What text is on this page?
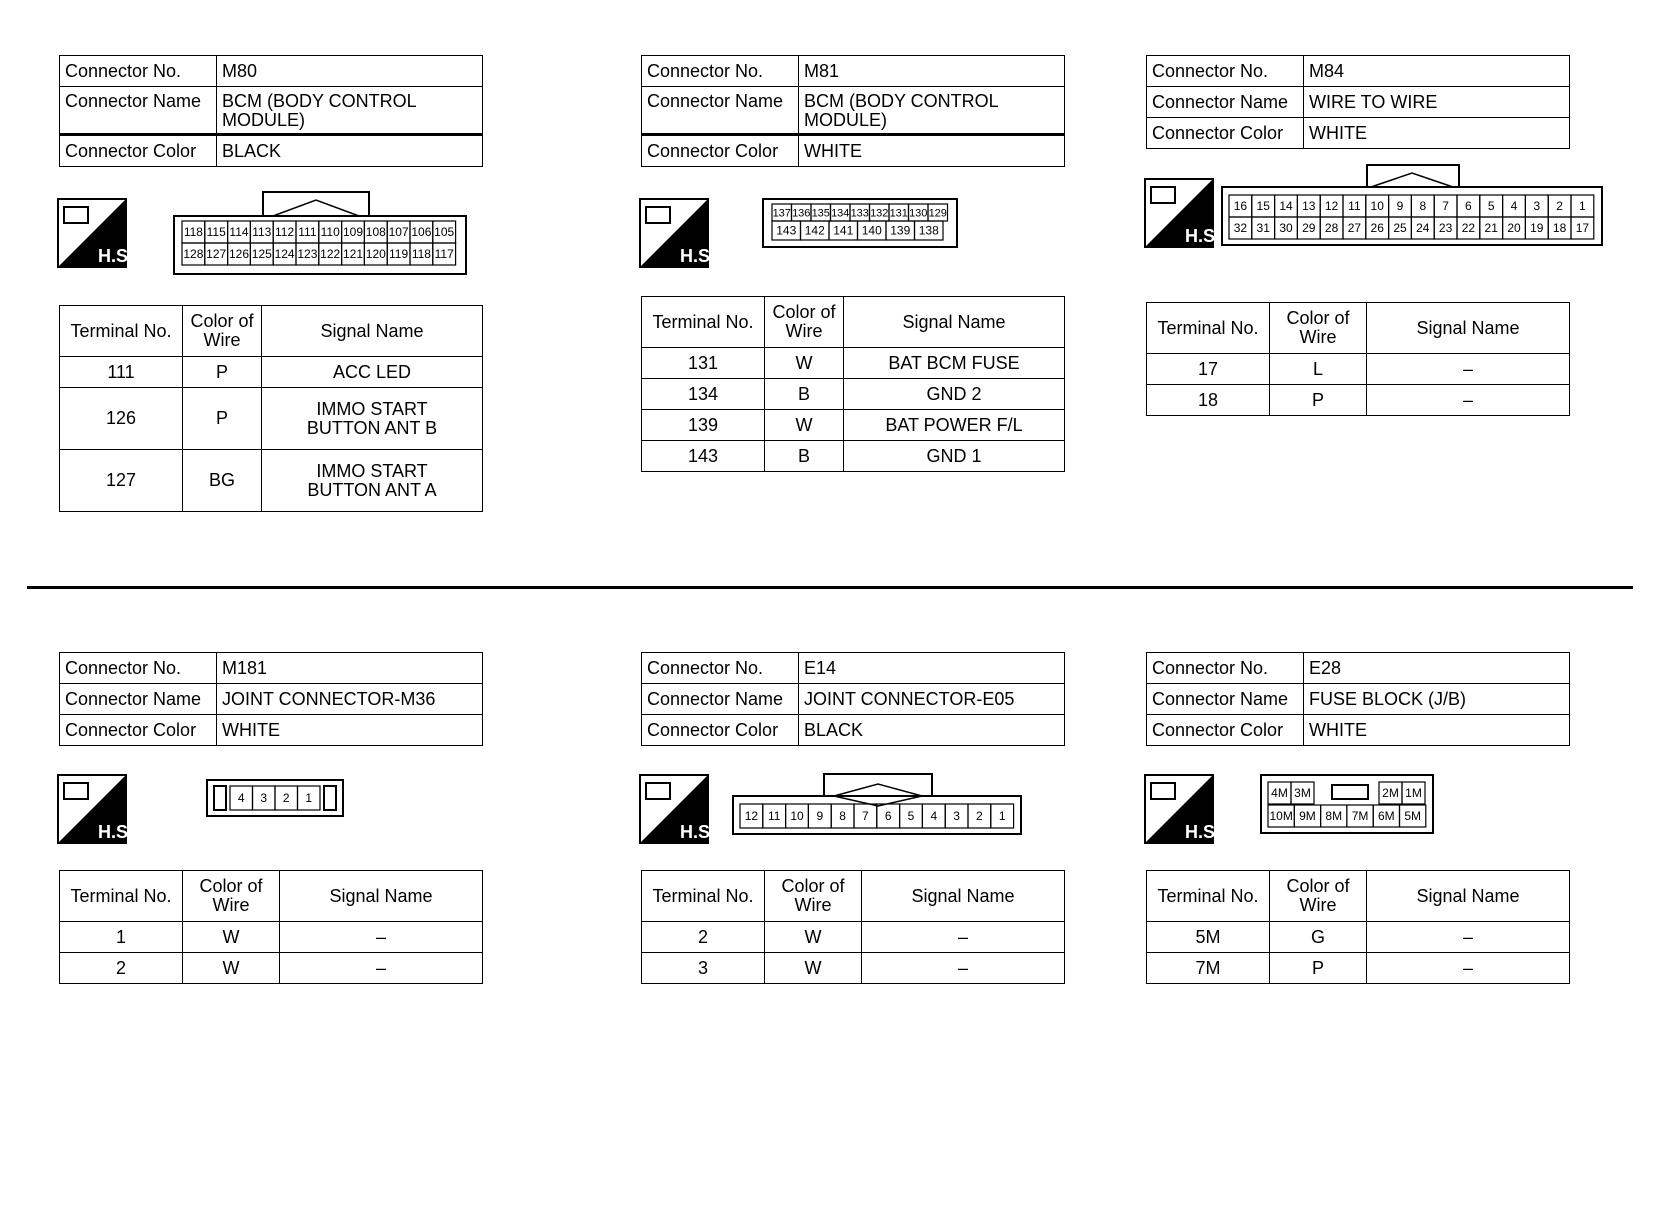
Connector No.	M80
Connector Name	BCM (BODY CONTROL MODULE)
Connector Color	BLACK
H.S.
118 115 114 113 112 111 110 109 108 107 106 105
128 127 126 125 124 123 122 121 120 119 118 117
Terminal No.	Color of Wire	Signal Name
111	P	ACC LED
126	P	IMMO START BUTTON ANT B
127	BG	IMMO START BUTTON ANT A
Connector No.	M81
Connector Name	BCM (BODY CONTROL MODULE)
Connector Color	WHITE
H.S.
137 136 135 134 133 132 131 130 129
143 142 141 140 139 138
Terminal No.	Color of Wire	Signal Name
131	W	BAT BCM FUSE
134	B	GND 2
139	W	BAT POWER F/L
143	B	GND 1
Connector No.	M84
Connector Name	WIRE TO WIRE
Connector Color	WHITE
H.S.
16 15 14 13 12 11 10 9 8 7 6 5 4 3 2 1
32 31 30 29 28 27 26 25 24 23 22 21 20 19 18 17
Terminal No.	Color of Wire	Signal Name
17	L	–
18	P	–
Connector No.	M181
Connector Name	JOINT CONNECTOR-M36
Connector Color	WHITE
H.S.
4 3 2 1
Terminal No.	Color of Wire	Signal Name
1	W	–
2	W	–
Connector No.	E14
Connector Name	JOINT CONNECTOR-E05
Connector Color	BLACK
H.S.
12 11 10 9 8 7 6 5 4 3 2 1
Terminal No.	Color of Wire	Signal Name
2	W	–
3	W	–
Connector No.	E28
Connector Name	FUSE BLOCK (J/B)
Connector Color	WHITE
H.S.
4M 3M	2M 1M
10M 9M 8M 7M 6M 5M
Terminal No.	Color of Wire	Signal Name
5M	G	–
7M	P	–
